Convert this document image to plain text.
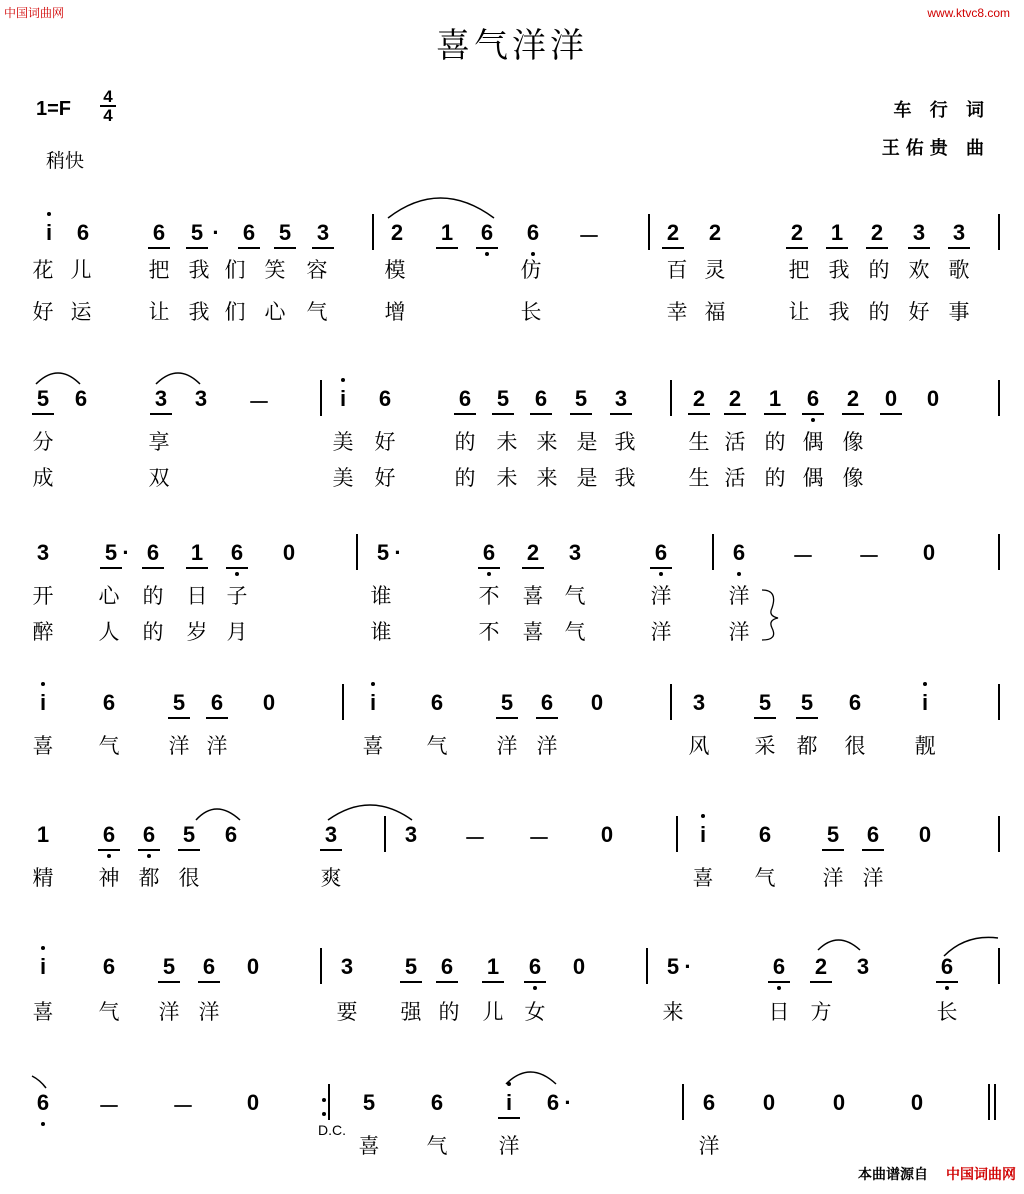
中国词曲网	www.ktvc8.com
喜气洋洋
1=F
4
4
稍快
车 行 词
王佑贵 曲
i	6	6	5 ·	6	5	3	2	1	6	6	－	2	2	2	1	2	3	3
花 儿	把 我 们 笑 容	模	仿	百 灵	把 我 的 欢 歌
好 运	让 我 们 心 气	增	长	幸 福	让 我 的 好 事
5	6	3	3	－	i	6	6	5	6	5	3	2	2	1	6	2	0	0
分	享	美 好	的 未 来 是 我	生 活 的 偶 像
成	双	美 好	的 未 来 是 我	生 活 的 偶 像
3	5 · 6	1	6	0	5 ·	6	2	3	6	6	－ －	0
开 心 的 日 子	谁	不 喜 气	洋	洋
醉 人 的 岁 月	谁	不 喜 气	洋	洋
i	6	5	6	0	i	6	5	6	0	3	5	5	6	i
喜 气 洋 洋	喜 气 洋 洋	风 采 都 很 靓
1	6	6	5	6	3	3	－ －	0	i	6	5	6	0
精 神 都 很	爽	喜 气 洋 洋
i	6	5	6	0	3	5	6	1	6	0	5 ·	6	2	3	6
喜 气 洋 洋	要 强 的 儿 女	来	日 方	长
6	－ －	0	5	6	i	6 ·	6	0	0	0
喜 气 洋	洋
D.C.
本曲谱源自 中国词曲网
